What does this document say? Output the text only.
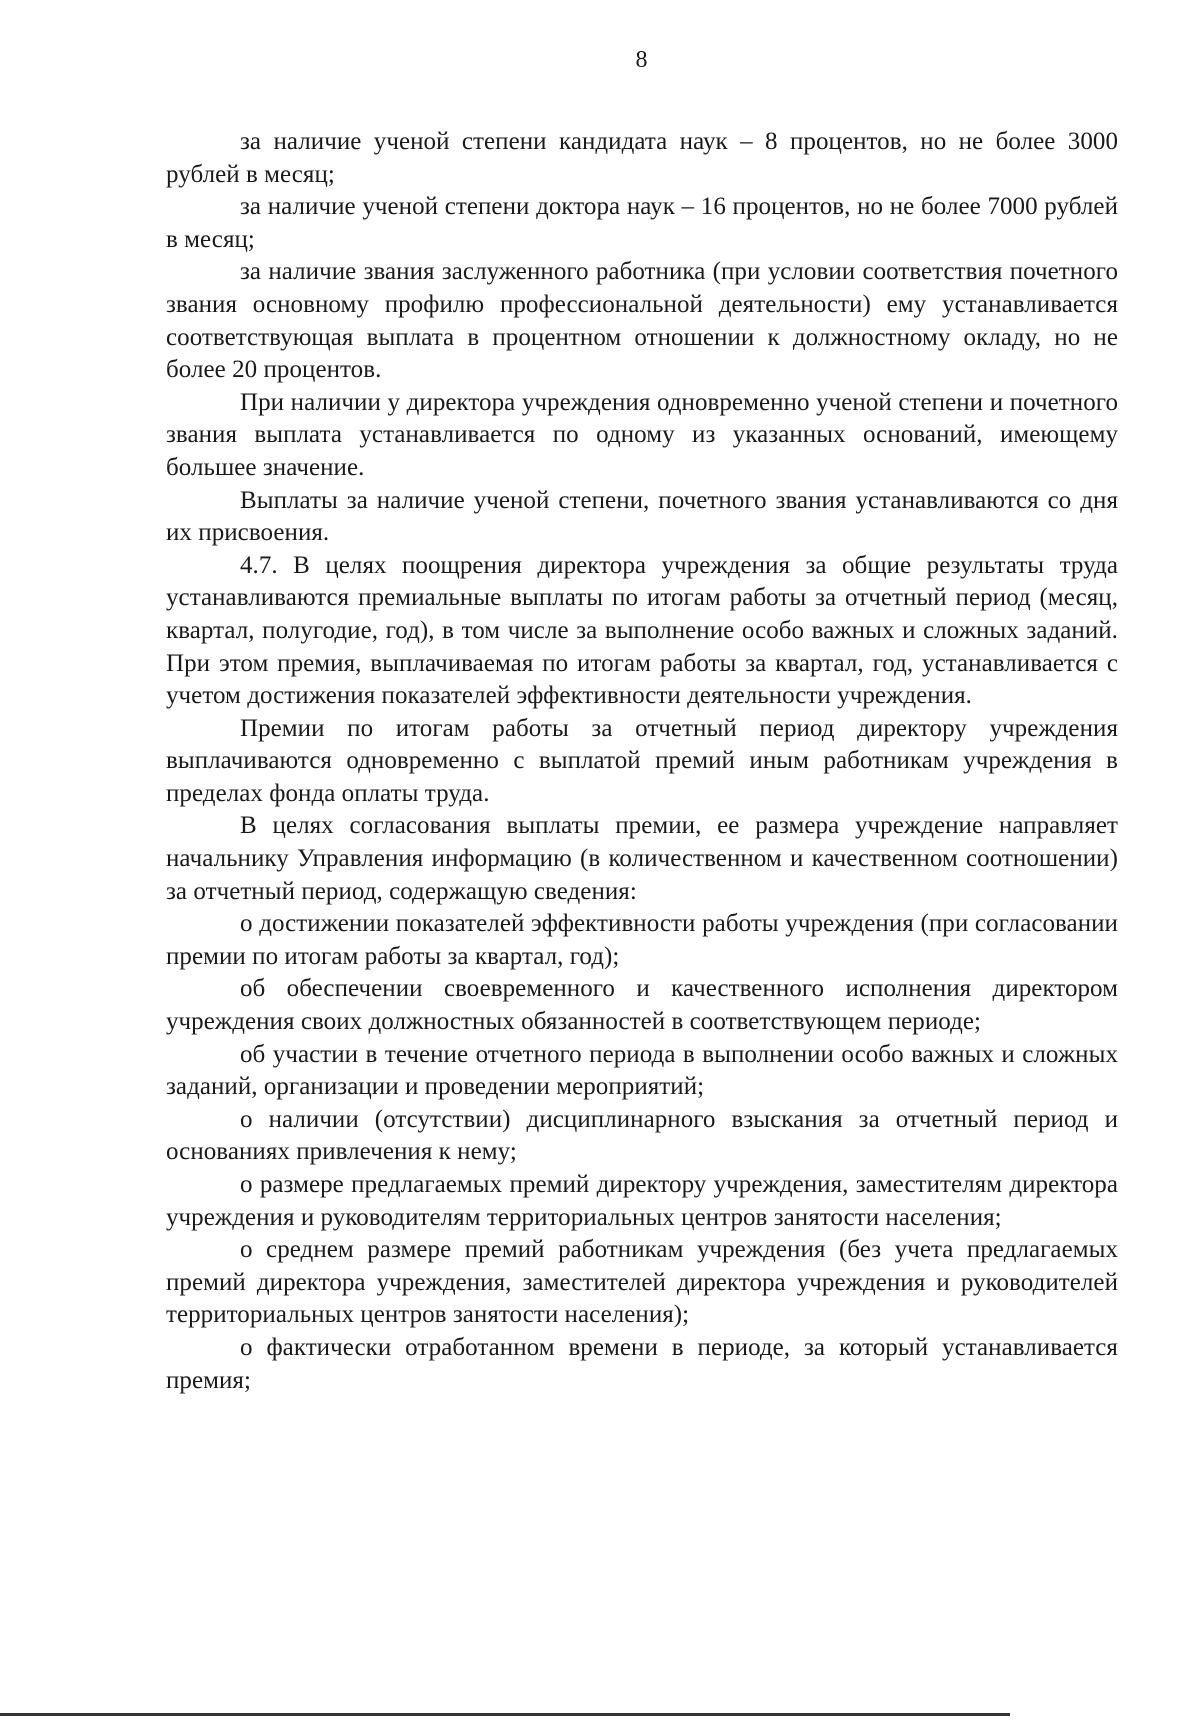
8

за наличие ученой степени кандидата наук – 8 процентов, но не более 3000 рублей в месяц;

за наличие ученой степени доктора наук – 16 процентов, но не более 7000 рублей в месяц;

за наличие звания заслуженного работника (при условии соответствия почетного звания основному профилю профессиональной деятельности) ему устанавливается соответствующая выплата в процентном отношении к должностному окладу, но не более 20 процентов.

При наличии у директора учреждения одновременно ученой степени и почетного звания выплата устанавливается по одному из указанных оснований, имеющему большее значение.

Выплаты за наличие ученой степени, почетного звания устанавливаются со дня их присвоения.

4.7. В целях поощрения директора учреждения за общие результаты труда устанавливаются премиальные выплаты по итогам работы за отчетный период (месяц, квартал, полугодие, год), в том числе за выполнение особо важных и сложных заданий. При этом премия, выплачиваемая по итогам работы за квартал, год, устанавливается с учетом достижения показателей эффективности деятельности учреждения.

Премии по итогам работы за отчетный период директору учреждения выплачиваются одновременно с выплатой премий иным работникам учреждения в пределах фонда оплаты труда.

В целях согласования выплаты премии, ее размера учреждение направляет начальнику Управления информацию (в количественном и качественном соотношении) за отчетный период, содержащую сведения:

о достижении показателей эффективности работы учреждения (при согласовании премии по итогам работы за квартал, год);

об обеспечении своевременного и качественного исполнения директором учреждения своих должностных обязанностей в соответствующем периоде;

об участии в течение отчетного периода в выполнении особо важных и сложных заданий, организации и проведении мероприятий;

о наличии (отсутствии) дисциплинарного взыскания за отчетный период и основаниях привлечения к нему;

о размере предлагаемых премий директору учреждения, заместителям директора учреждения и руководителям территориальных центров занятости населения;

о среднем размере премий работникам учреждения (без учета предлагаемых премий директора учреждения, заместителей директора учреждения и руководителей территориальных центров занятости населения);

о фактически отработанном времени в периоде, за который устанавливается премия;
